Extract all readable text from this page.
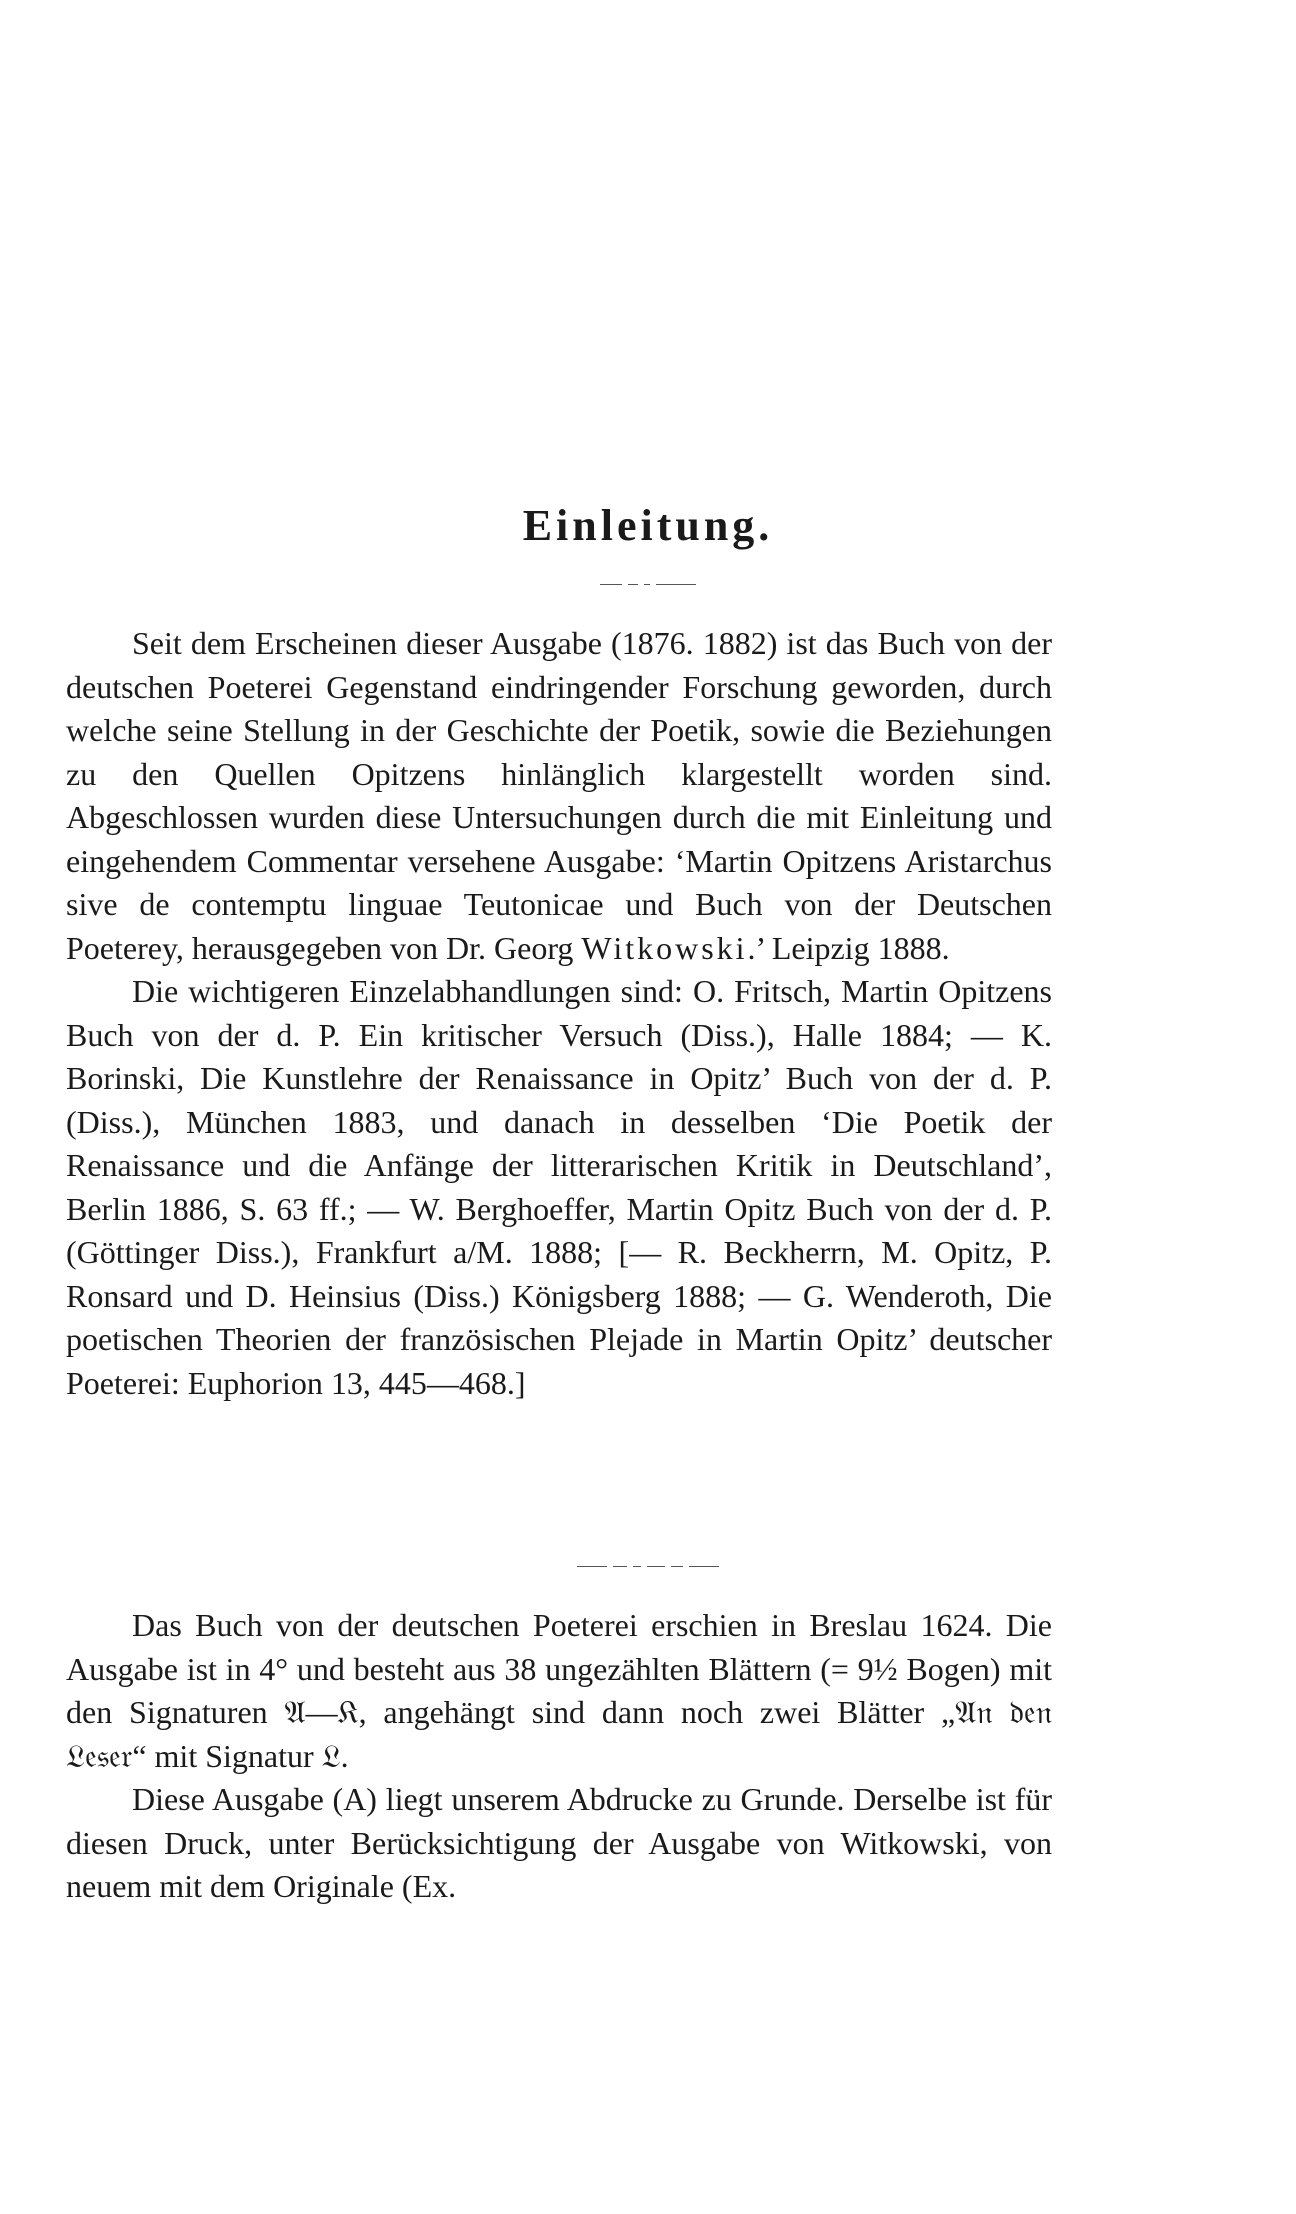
Einleitung.

Seit dem Erscheinen dieser Ausgabe (1876. 1882) ist das Buch von der deutschen Poeterei Gegenstand eindringender Forschung geworden, durch welche seine Stellung in der Geschichte der Poetik, sowie die Beziehungen zu den Quellen Opitzens hinlänglich klargestellt worden sind. Abgeschlossen wurden diese Untersuchungen durch die mit Einleitung und eingehendem Commentar versehene Ausgabe: ‘Martin Opitzens Aristarchus sive de contemptu linguae Teutonicae und Buch von der Deutschen Poeterey, herausgegeben von Dr. Georg Witkowski.’ Leipzig 1888.

Die wichtigeren Einzelabhandlungen sind: O. Fritsch, Martin Opitzens Buch von der d. P. Ein kritischer Versuch (Diss.), Halle 1884; — K. Borinski, Die Kunstlehre der Renaissance in Opitz’ Buch von der d. P. (Diss.), München 1883, und danach in desselben ‘Die Poetik der Renaissance und die Anfänge der litterarischen Kritik in Deutschland’, Berlin 1886, S. 63 ff.; — W. Berghoeffer, Martin Opitz Buch von der d. P. (Göttinger Diss.), Frankfurt a/M. 1888; [— R. Beckherrn, M. Opitz, P. Ronsard und D. Heinsius (Diss.) Königsberg 1888; — G. Wenderoth, Die poetischen Theorien der französischen Plejade in Martin Opitz’ deutscher Poeterei: Euphorion 13, 445—468.]

Das Buch von der deutschen Poeterei erschien in Breslau 1624. Die Ausgabe ist in 4° und besteht aus 38 ungezählten Blättern (= 9½ Bogen) mit den Signaturen 𝔄—𝔎, angehängt sind dann noch zwei Blätter „𝔄𝔫 𝔡𝔢𝔫 𝔏𝔢𝔰𝔢𝔯“ mit Signatur 𝔏.

Diese Ausgabe (A) liegt unserem Abdrucke zu Grunde. Derselbe ist für diesen Druck, unter Berücksichtigung der Ausgabe von Witkowski, von neuem mit dem Originale (Ex.
